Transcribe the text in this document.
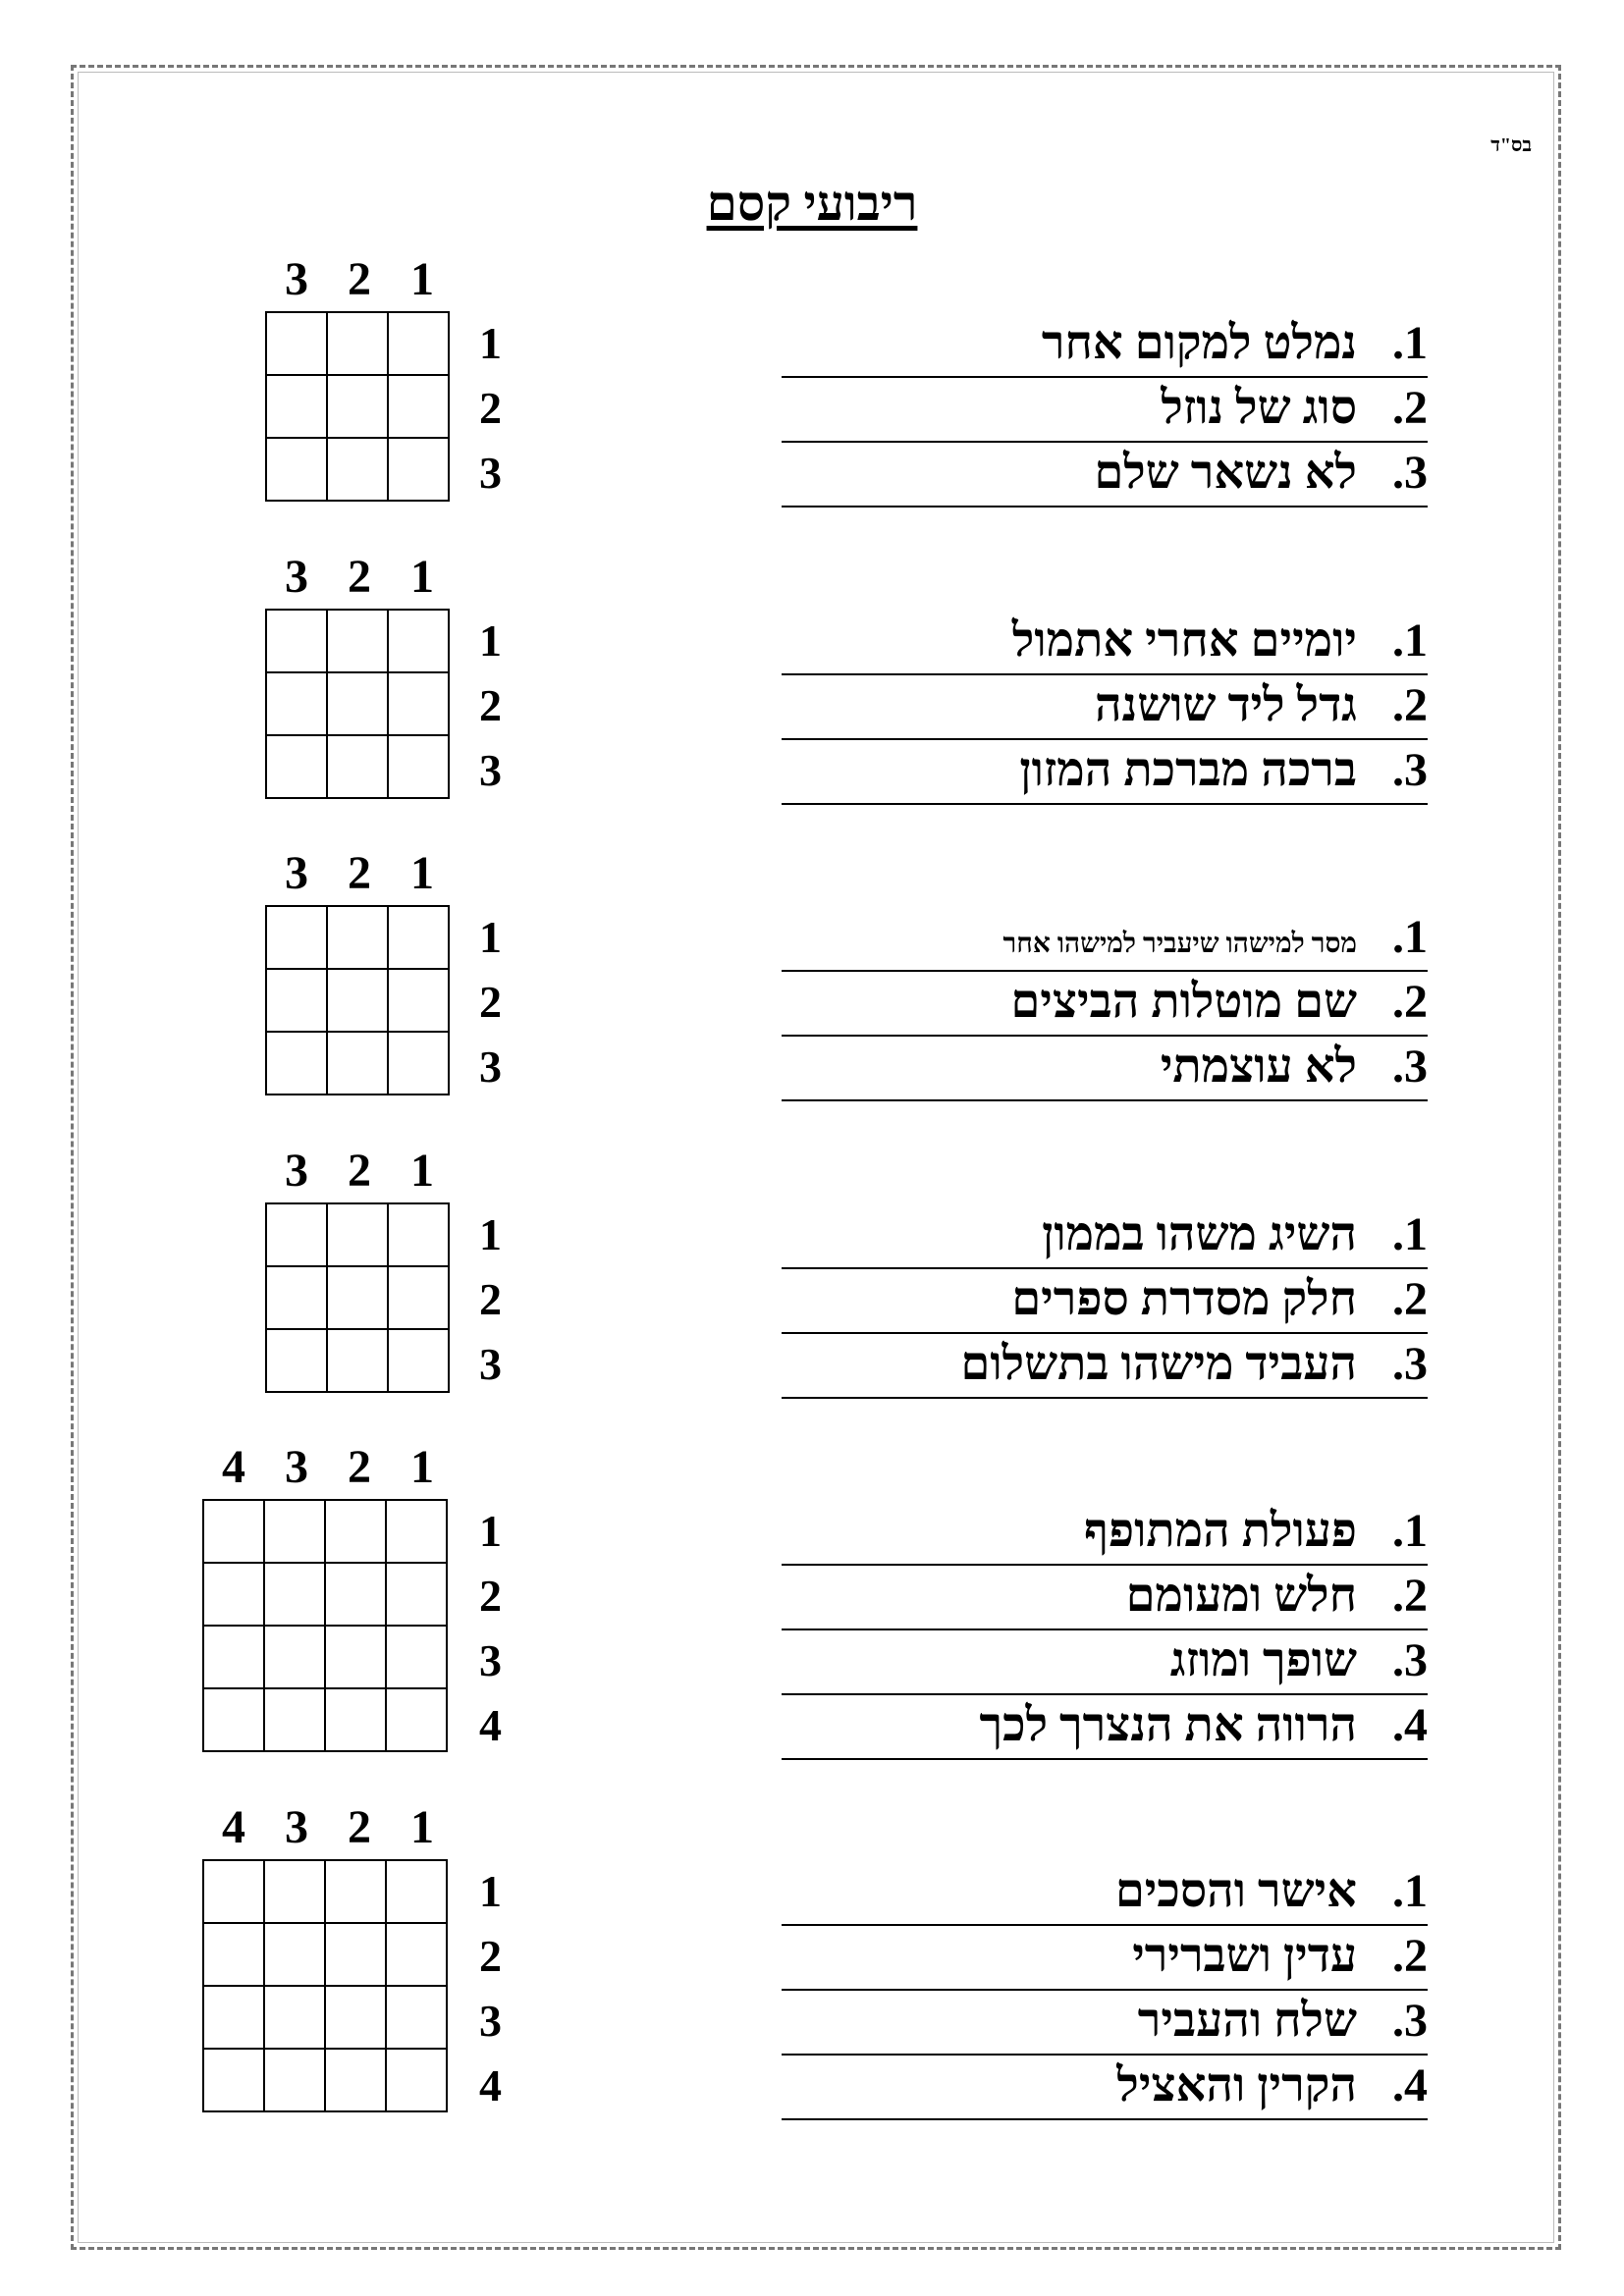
בס"ד
ריבועי קסם
3 2 1

1	1.נמלט למקום אחר
2	2.סוג של נוזל
3	3.לא נשאר שלם
3 2 1

1	1.יומיים אחרי אתמול
2	2.גדל ליד שושנה
3	3.ברכה מברכת המזון
3 2 1

1	1.מסר למישהו שיעביר למישהו אחר
2	2.שם מוטלות הביצים
3	3.לא עוצמתי
3 2 1

1	1.השיג משהו בממון
2	2.חלק מסדרת ספרים
3	3.העביד מישהו בתשלום
4 3 2 1

1	1.פעולת המתופף
2	2.חלש ומעומם
3	3.שופך ומוזג
4	4.הרווה את הנצרך לכך
4 3 2 1

1	1.אישר והסכים
2	2.עדין ושברירי
3	3.שלח והעביר
4	4.הקרין והאציל
